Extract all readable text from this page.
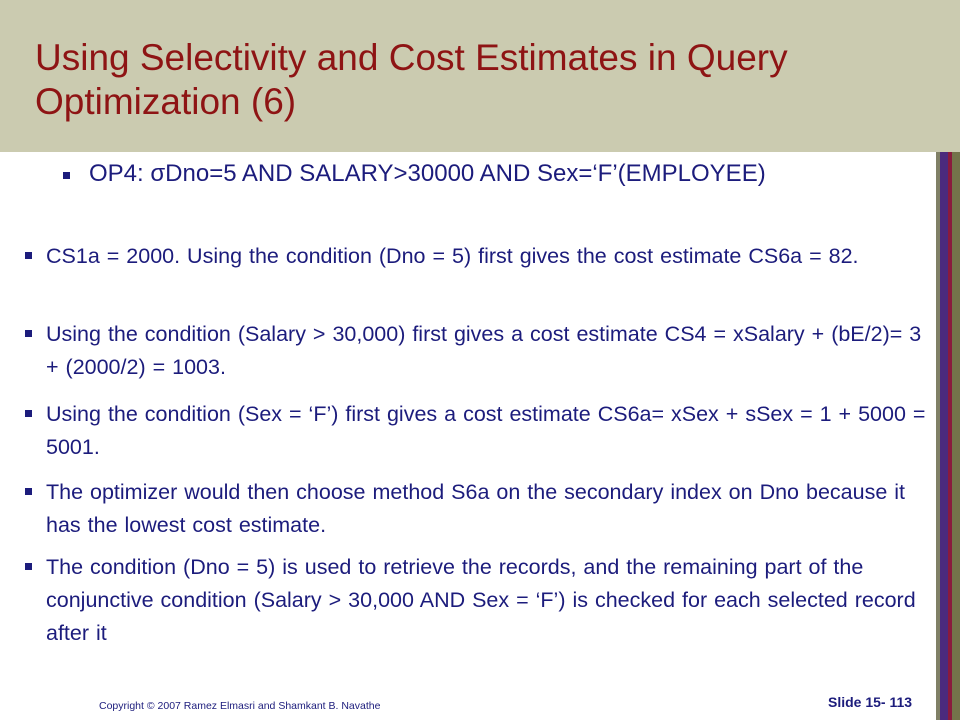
Using Selectivity and Cost Estimates in Query Optimization (6)
OP4: σDno=5 AND SALARY>30000 AND Sex=‘F’(EMPLOYEE)
CS1a = 2000. Using the condition (Dno = 5) first gives the cost estimate CS6a = 82.
Using the condition (Salary > 30,000) first gives a cost estimate CS4 = xSalary + (bE/2)= 3 + (2000/2) = 1003.
Using the condition (Sex = ‘F’) first gives a cost estimate CS6a= xSex + sSex = 1 + 5000 = 5001.
The optimizer would then choose method S6a on the secondary index on Dno because it has the lowest cost estimate.
The condition (Dno = 5) is used to retrieve the records, and the remaining part of the conjunctive condition (Salary > 30,000 AND Sex = ‘F’) is checked for each selected record after it
Copyright © 2007 Ramez Elmasri and Shamkant B. Navathe	Slide 15- 113
